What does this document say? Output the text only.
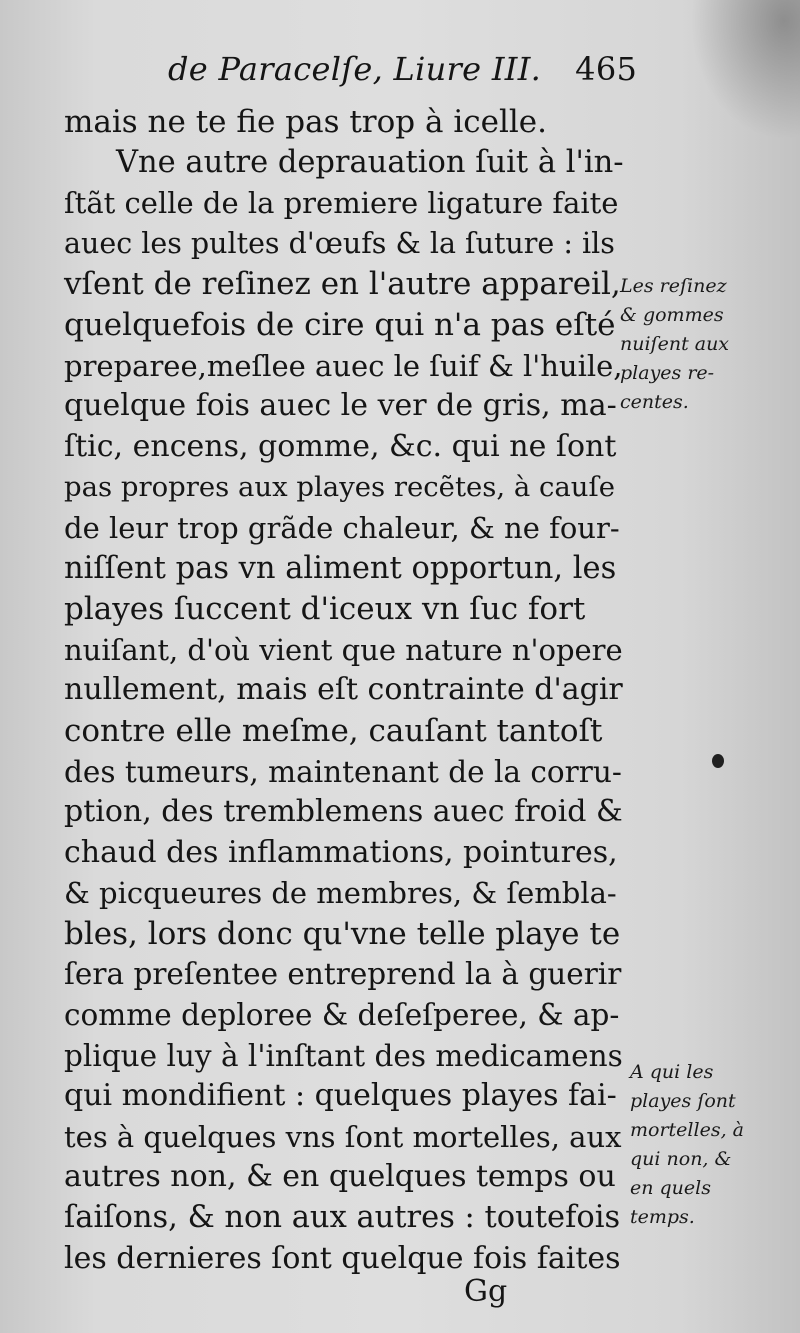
de Paracelſe, Liure III. 465
mais ne te fie pas trop à icelle.
Vne autre deprauation ſuit à l'in-
ſtãt celle de la premiere ligature faite
auec les pultes d'œufs & la ſuture : ils
vſent de reſinez en l'autre appareil,
quelquefois de cire qui n'a pas eſté
preparee,meſlee auec le ſuif & l'huile,
quelque fois auec le ver de gris, ma-
ſtic, encens, gomme, &c. qui ne ſont
pas propres aux playes recẽtes, à cauſe
de leur trop grãde chaleur, & ne four-
niſſent pas vn aliment opportun, les
playes ſuccent d'iceux vn ſuc fort
nuiſant, d'où vient que nature n'opere
nullement, mais eſt contrainte d'agir
contre elle meſme, cauſant tantoſt
des tumeurs, maintenant de la corru-
ption, des tremblemens auec froid &
chaud des inflammations, pointures,
& picqueures de membres, & ſembla-
bles, lors donc qu'vne telle playe te
ſera preſentee entreprend la à guerir
comme deploree & deſeſperee, & ap-
plique luy à l'inſtant des medicamens
qui mondifient : quelques playes fai-
tes à quelques vns ſont mortelles, aux
autres non, & en quelques temps ou
ſaiſons, & non aux autres : toutefois
les dernieres ſont quelque fois faites
Les reſinez
& gommes
nuiſent aux
playes re-
centes.
A qui les
playes ſont
mortelles, à
qui non, &
en quels
temps.
Gg
